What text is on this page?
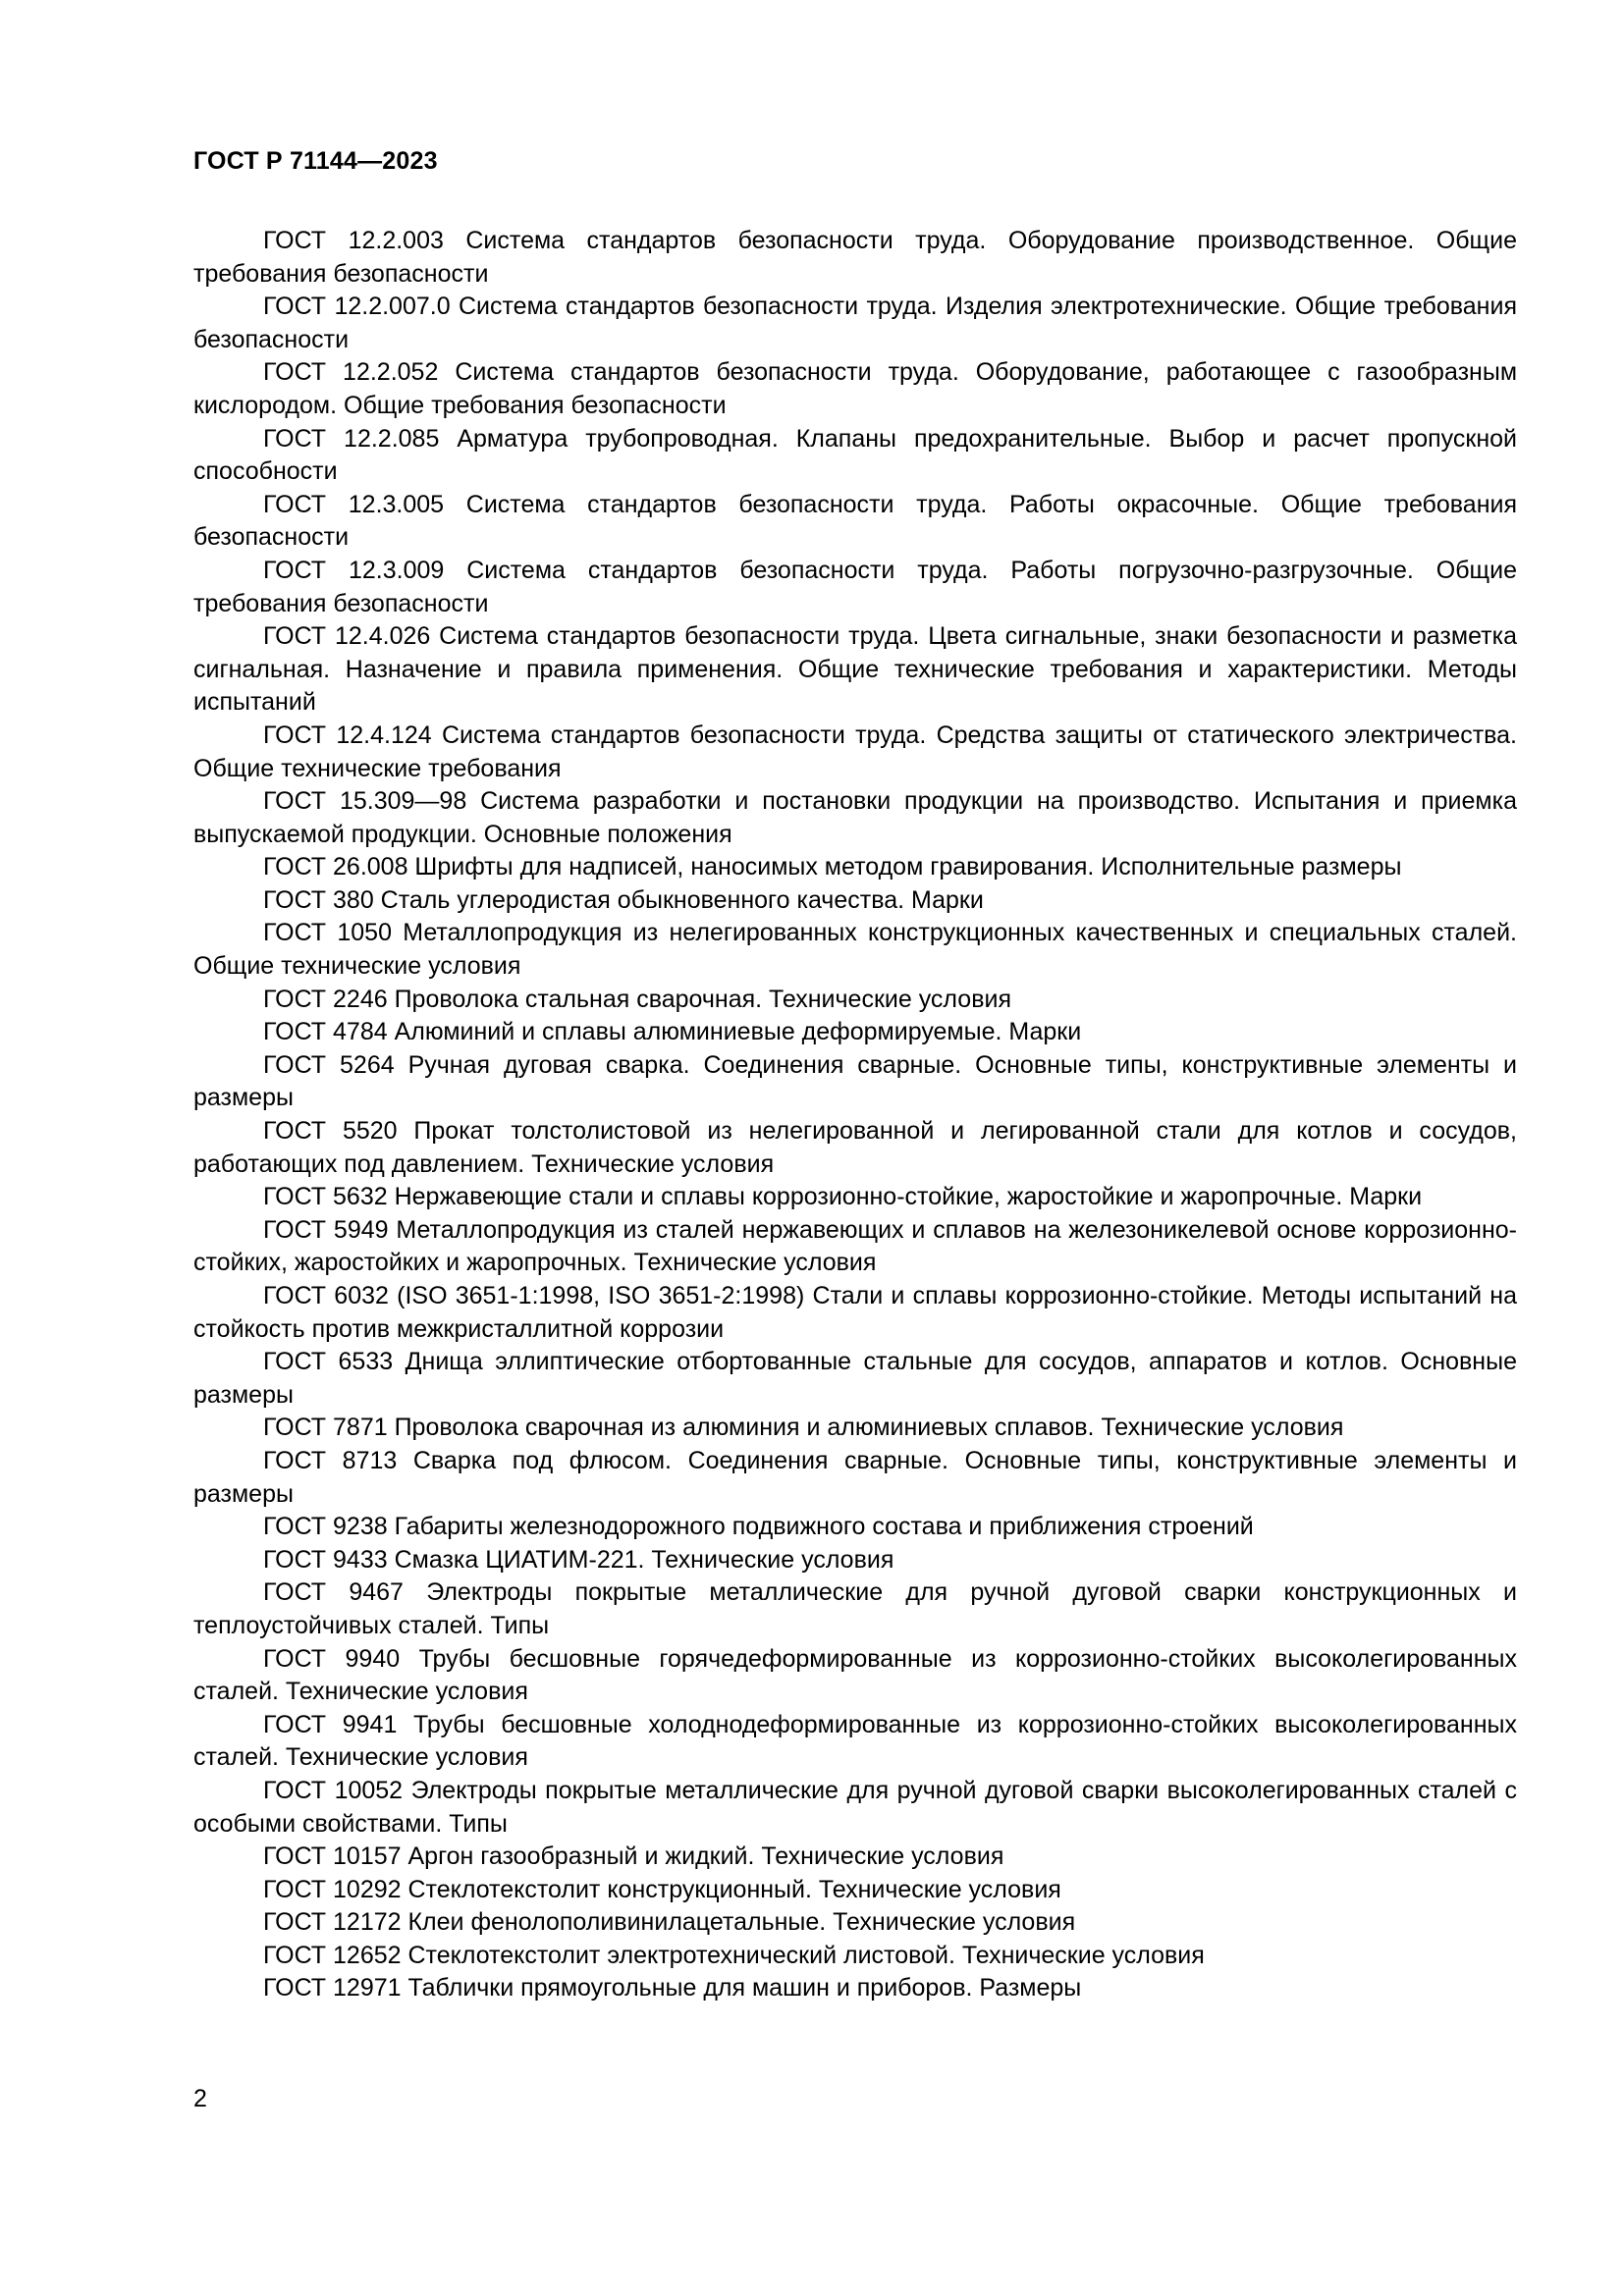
ГОСТ Р 71144—2023

ГОСТ 12.2.003 Система стандартов безопасности труда. Оборудование производственное. Общие требования безопасности

ГОСТ 12.2.007.0 Система стандартов безопасности труда. Изделия электротехнические. Общие требования безопасности

ГОСТ 12.2.052 Система стандартов безопасности труда. Оборудование, работающее с газообразным кислородом. Общие требования безопасности

ГОСТ 12.2.085 Арматура трубопроводная. Клапаны предохранительные. Выбор и расчет пропускной способности

ГОСТ 12.3.005 Система стандартов безопасности труда. Работы окрасочные. Общие требования безопасности

ГОСТ 12.3.009 Система стандартов безопасности труда. Работы погрузочно-разгрузочные. Общие требования безопасности

ГОСТ 12.4.026 Система стандартов безопасности труда. Цвета сигнальные, знаки безопасности и разметка сигнальная. Назначение и правила применения. Общие технические требования и характеристики. Методы испытаний

ГОСТ 12.4.124 Система стандартов безопасности труда. Средства защиты от статического электричества. Общие технические требования

ГОСТ 15.309—98 Система разработки и постановки продукции на производство. Испытания и приемка выпускаемой продукции. Основные положения

ГОСТ 26.008 Шрифты для надписей, наносимых методом гравирования. Исполнительные размеры

ГОСТ 380 Сталь углеродистая обыкновенного качества. Марки

ГОСТ 1050 Металлопродукция из нелегированных конструкционных качественных и специальных сталей. Общие технические условия

ГОСТ 2246 Проволока стальная сварочная. Технические условия

ГОСТ 4784 Алюминий и сплавы алюминиевые деформируемые. Марки

ГОСТ 5264 Ручная дуговая сварка. Соединения сварные. Основные типы, конструктивные элементы и размеры

ГОСТ 5520 Прокат толстолистовой из нелегированной и легированной стали для котлов и сосудов, работающих под давлением. Технические условия

ГОСТ 5632 Нержавеющие стали и сплавы коррозионно-стойкие, жаростойкие и жаропрочные. Марки

ГОСТ 5949 Металлопродукция из сталей нержавеющих и сплавов на железоникелевой основе коррозионно-стойких, жаростойких и жаропрочных. Технические условия

ГОСТ 6032 (ISO 3651-1:1998, ISO 3651-2:1998) Стали и сплавы коррозионно-стойкие. Методы испытаний на стойкость против межкристаллитной коррозии

ГОСТ 6533 Днища эллиптические отбортованные стальные для сосудов, аппаратов и котлов. Основные размеры

ГОСТ 7871 Проволока сварочная из алюминия и алюминиевых сплавов. Технические условия

ГОСТ 8713 Сварка под флюсом. Соединения сварные. Основные типы, конструктивные элементы и размеры

ГОСТ 9238 Габариты железнодорожного подвижного состава и приближения строений

ГОСТ 9433 Смазка ЦИАТИМ-221. Технические условия

ГОСТ 9467 Электроды покрытые металлические для ручной дуговой сварки конструкционных и теплоустойчивых сталей. Типы

ГОСТ 9940 Трубы бесшовные горячедеформированные из коррозионно-стойких высоколегированных сталей. Технические условия

ГОСТ 9941 Трубы бесшовные холоднодеформированные из коррозионно-стойких высоколегированных сталей. Технические условия

ГОСТ 10052 Электроды покрытые металлические для ручной дуговой сварки высоколегированных сталей с особыми свойствами. Типы

ГОСТ 10157 Аргон газообразный и жидкий. Технические условия

ГОСТ 10292 Стеклотекстолит конструкционный. Технические условия

ГОСТ 12172 Клеи фенолополивинилацетальные. Технические условия

ГОСТ 12652 Стеклотекстолит электротехнический листовой. Технические условия

ГОСТ 12971 Таблички прямоугольные для машин и приборов. Размеры

2
